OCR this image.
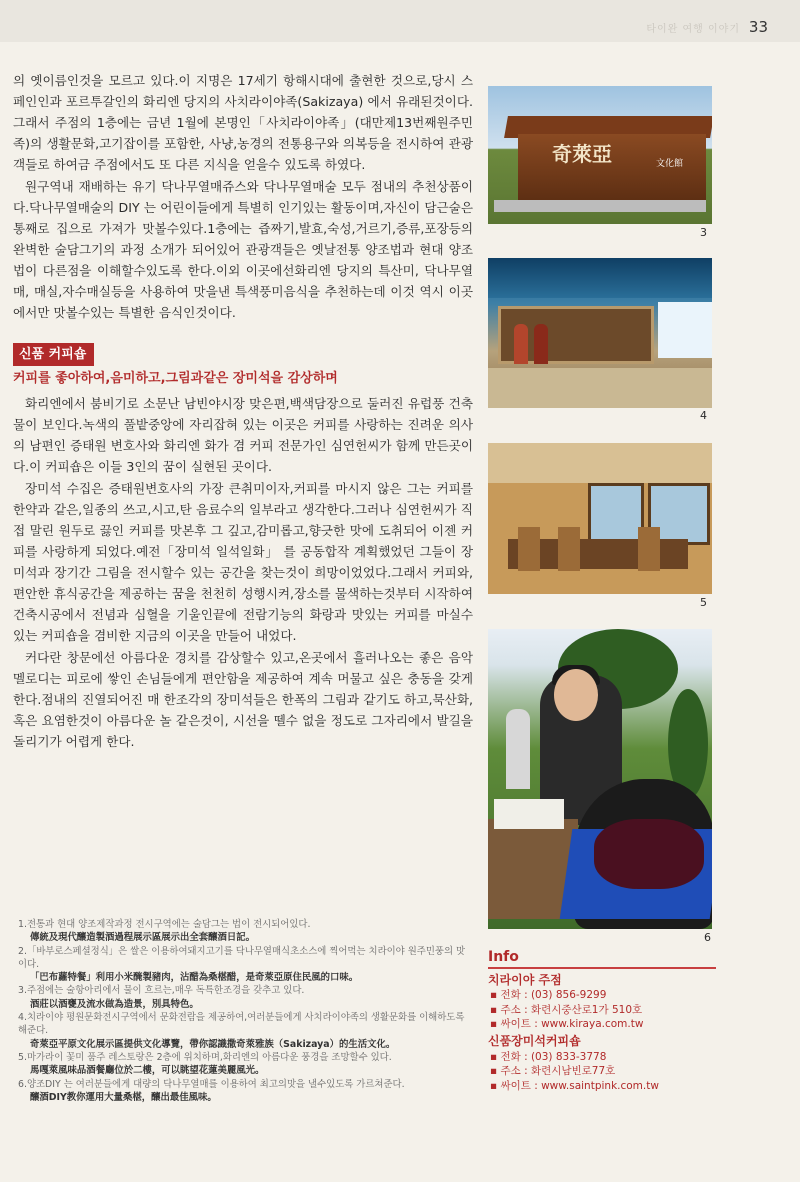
타이완 여행 이야기 33

의 옛이름인것을 모르고 있다.이 지명은 17세기 항해시대에 출현한 것으로,당시 스페인인과 포르투갈인의 화리엔 당지의 사치라이야족(Sakizaya) 에서 유래된것이다.그래서 주점의 1층에는 금년 1월에 본명인「사치라이야족」(대만제13번째원주민족)의 생활문화,고기잡이를 포함한, 사냥,농경의 전통용구와 의복등을 전시하여 관광객들로 하여금 주점에서도 또 다른 지식을 얻을수 있도록 하였다.

원구역내 재배하는 유기 닥나무열매쥬스와 닥나무열매술 모두 점내의 추천상품이다.닥나무열매술의 DIY 는 어린이들에게 특별히 인기있는 활동이며,자신이 담근술은 통째로 집으로 가져가 맛볼수있다.1층에는 즙짜기,발효,숙성,거르기,증류,포장등의 완벽한 술담그기의 과정 소개가 되어있어 관광객들은 옛날전통 양조법과 현대 양조법이 다른점을 이해할수있도록 한다.이외 이곳에선화리엔 당지의 특산미, 닥나무열매, 매실,자수매실등을 사용하여 맛을낸 특색풍미음식을 추천하는데 이것 역시 이곳에서만 맛볼수있는 특별한 음식인것이다.

신품 커피숍
커피를 좋아하여,음미하고,그림과같은 장미석을 감상하며

화리엔에서 붐비기로 소문난 남빈야시장 맞은편,백색담장으로 둘러진 유럽풍 건축물이 보인다.녹색의 풀밭중앙에 자리잡혀 있는 이곳은 커피를 사랑하는 진려운 의사의 남편인 증태원 변호사와 화리엔 화가 겸 커피 전문가인 심연헌씨가 함께 만든곳이다.이 커피숍은 이들 3인의 꿈이 실현된 곳이다.

장미석 수집은 증태원변호사의 가장 큰취미이자,커피를 마시지 않은 그는 커피를 한약과 같은,일종의 쓰고,시고,탄 음료수의 일부라고 생각한다.그러나 심연헌씨가 직접 말린 원두로 끓인 커피를 맛본후 그 깊고,감미롭고,향긋한 맛에 도취되어 이젠 커피를 사랑하게 되었다.예전「장미석 일석일화」 를 공동합작 계획했었던 그들이 장미석과 장기간 그림을 전시할수 있는 공간을 찾는것이 희망이었었다.그래서 커피와, 편안한 휴식공간을 제공하는 꿈을 천천히 성행시켜,장소를 물색하는것부터 시작하여 건축시공에서 전념과 심혈을 기울인끝에 전람기능의 화랑과 맛있는 커피를 마실수 있는 커피숍을 겸비한 지금의 이곳을 만들어 내었다.

커다란 창문에선 아름다운 경치를 감상할수 있고,온곳에서 흘러나오는 좋은 음악멜로디는 피로에 쌓인 손님들에게 편안함을 제공하여 계속 머물고 싶은 충동을 갖게 한다.점내의 진열되어진 매 한조각의 장미석들은 한폭의 그림과 같기도 하고,묵산화,혹은 요염한것이 아름다운 놀 같은것이, 시선을 뗄수 없을 정도로 그자리에서 발길을 돌리기가 어렵게 한다.

奇萊亞	文化館
3
4
5
6

1.전통과 현대 양조제작과정 전시구역에는 술담그는 법이 전시되어있다.

傳統及現代釀造製酒過程展示區展示出全套釀酒日記。

2.「바부로스페셜정식」은 쌀은 이용하여돼지고기를 닥나무열매식초소스에 찍어먹는 치라이야 원주민풍의 맛이다.

「巴布蘿特餐」利用小米醃製豬肉，沾醋為桑椹醋，是奇萊亞原住民風的口味。

3.주점에는 술항아리에서 물이 흐르는,매우 독특한조경을 갖추고 있다.

酒莊以酒甕及流水做為造景，別具特色。

4.치라이야 평원문화전시구역에서 문화전람을 제공하여,여러분들에게 사치라이야족의 생활문화를 이해하도록 해준다.

奇萊亞平原文化展示區提供文化導覽，帶你認識撒奇萊雅族（Sakizaya）的生活文化。

5.마가라이 꽃미 품주 레스토랑은 2층에 위치하며,화리엔의 아름다운 풍경을 조망할수 있다.

馬嘎萊風味品酒餐廳位於二樓，可以眺望花蓮美麗風光。

6.양조DIY 는 여러분들에게 대량의 닥나무열매를 이용하여 최고의맛을 낼수있도록 가르쳐준다.

釀酒DIY教你運用大量桑椹，釀出最佳風味。

Info
치라이야 주점

▪ 전화 : (03) 856-9299

▪ 주소 : 화련시중산로1가 510호

▪ 싸이트 : www.kiraya.com.tw

신품장미석커피숍

▪ 전화 : (03) 833-3778

▪ 주소 : 화련시남빈로77호

▪ 싸이트 : www.saintpink.com.tw
